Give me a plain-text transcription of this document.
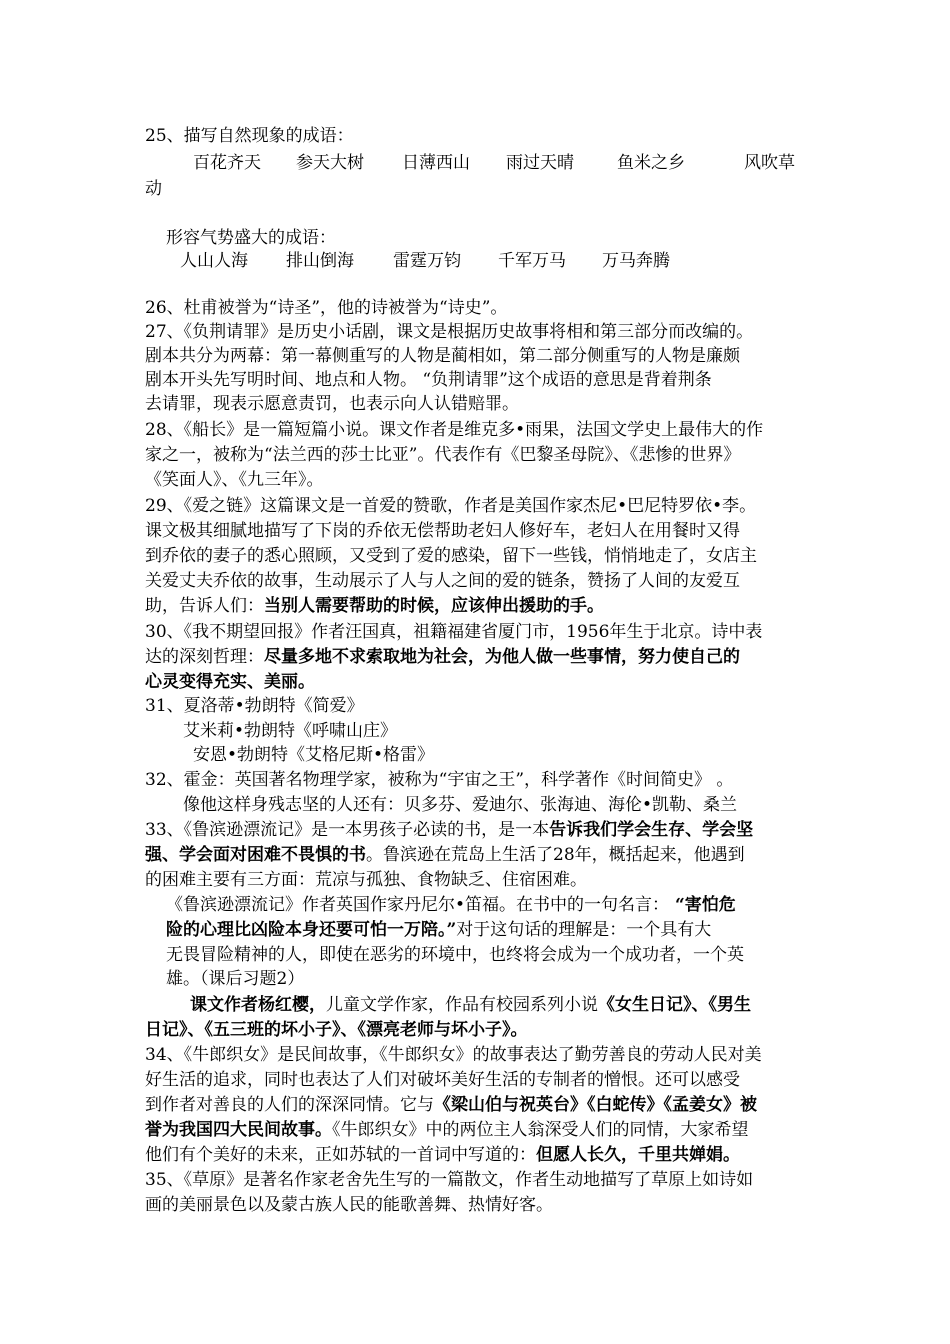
25、描写自然现象的成语：
百花齐天 参天大树 日薄西山 雨过天晴	鱼米之乡	风吹草
动
形容气势盛大的成语：
人山人海 排山倒海 雷霆万钧 千军万马 万马奔腾
26、杜甫被誉为“诗圣”，他的诗被誉为“诗史”。
27、《负荆请罪》是历史小话剧，课文是根据历史故事将相和第三部分而改编的。
剧本共分为两幕：第一幕侧重写的人物是蔺相如，第二部分侧重写的人物是廉颇
剧本开头先写明时间、地点和人物。 “负荆请罪”这个成语的意思是背着荆条
去请罪，现表示愿意责罚，也表示向人认错赔罪。
28、《船长》是一篇短篇小说。课文作者是维克多•雨果，法国文学史上最伟大的作
家之一，被称为“法兰西的莎士比亚”。代表作有《巴黎圣母院》、《悲惨的世界》
《笑面人》、《九三年》。
29、《爱之链》这篇课文是一首爱的赞歌，作者是美国作家杰尼•巴尼特罗依•李。
课文极其细腻地描写了下岗的乔依无偿帮助老妇人修好车，老妇人在用餐时又得
到乔依的妻子的悉心照顾，又受到了爱的感染，留下一些钱，悄悄地走了，女店主
关爱丈夫乔依的故事，生动展示了人与人之间的爱的链条，赞扬了人间的友爱互
助，告诉人们：当别人需要帮助的时候，应该伸出援助的手。
30、《我不期望回报》作者汪国真，祖籍福建省厦门市，1956年生于北京。诗中表
达的深刻哲理：尽量多地不求索取地为社会，为他人做一些事情，努力使自己的
心灵变得充实、美丽。
31、夏洛蒂•勃朗特《简爱》
艾米莉•勃朗特《呼啸山庄》
安恩•勃朗特《艾格尼斯•格雷》
32、霍金：英国著名物理学家，被称为“宇宙之王”，科学著作《时间简史》 。
像他这样身残志坚的人还有：贝多芬、爱迪尔、张海迪、海伦•凯勒、桑兰
33、《鲁滨逊漂流记》是一本男孩子必读的书，是一本告诉我们学会生存、学会坚
强、学会面对困难不畏惧的书。鲁滨逊在荒岛上生活了28年，概括起来，他遇到
的困难主要有三方面：荒凉与孤独、食物缺乏、住宿困难。
《鲁滨逊漂流记》作者英国作家丹尼尔•笛福。在书中的一句名言： “害怕危
险的心理比凶险本身还要可怕一万陪。”对于这句话的理解是：一个具有大
无畏冒险精神的人，即使在恶劣的环境中，也终将会成为一个成功者，一个英
雄。（课后习题2）
课文作者杨红樱，儿童文学作家，作品有校园系列小说《女生日记》、《男生
日记》、《五三班的坏小子》、《漂亮老师与坏小子》。
34、《牛郎织女》是民间故事，《牛郎织女》的故事表达了勤劳善良的劳动人民对美
好生活的追求，同时也表达了人们对破坏美好生活的专制者的憎恨。还可以感受
到作者对善良的人们的深深同情。它与《梁山伯与祝英台》《白蛇传》《孟姜女》被
誉为我国四大民间故事。《牛郎织女》中的两位主人翁深受人们的同情，大家希望
他们有个美好的未来，正如苏轼的一首词中写道的：但愿人长久，千里共婵娟。
35、《草原》是著名作家老舍先生写的一篇散文，作者生动地描写了草原上如诗如
画的美丽景色以及蒙古族人民的能歌善舞、热情好客。
